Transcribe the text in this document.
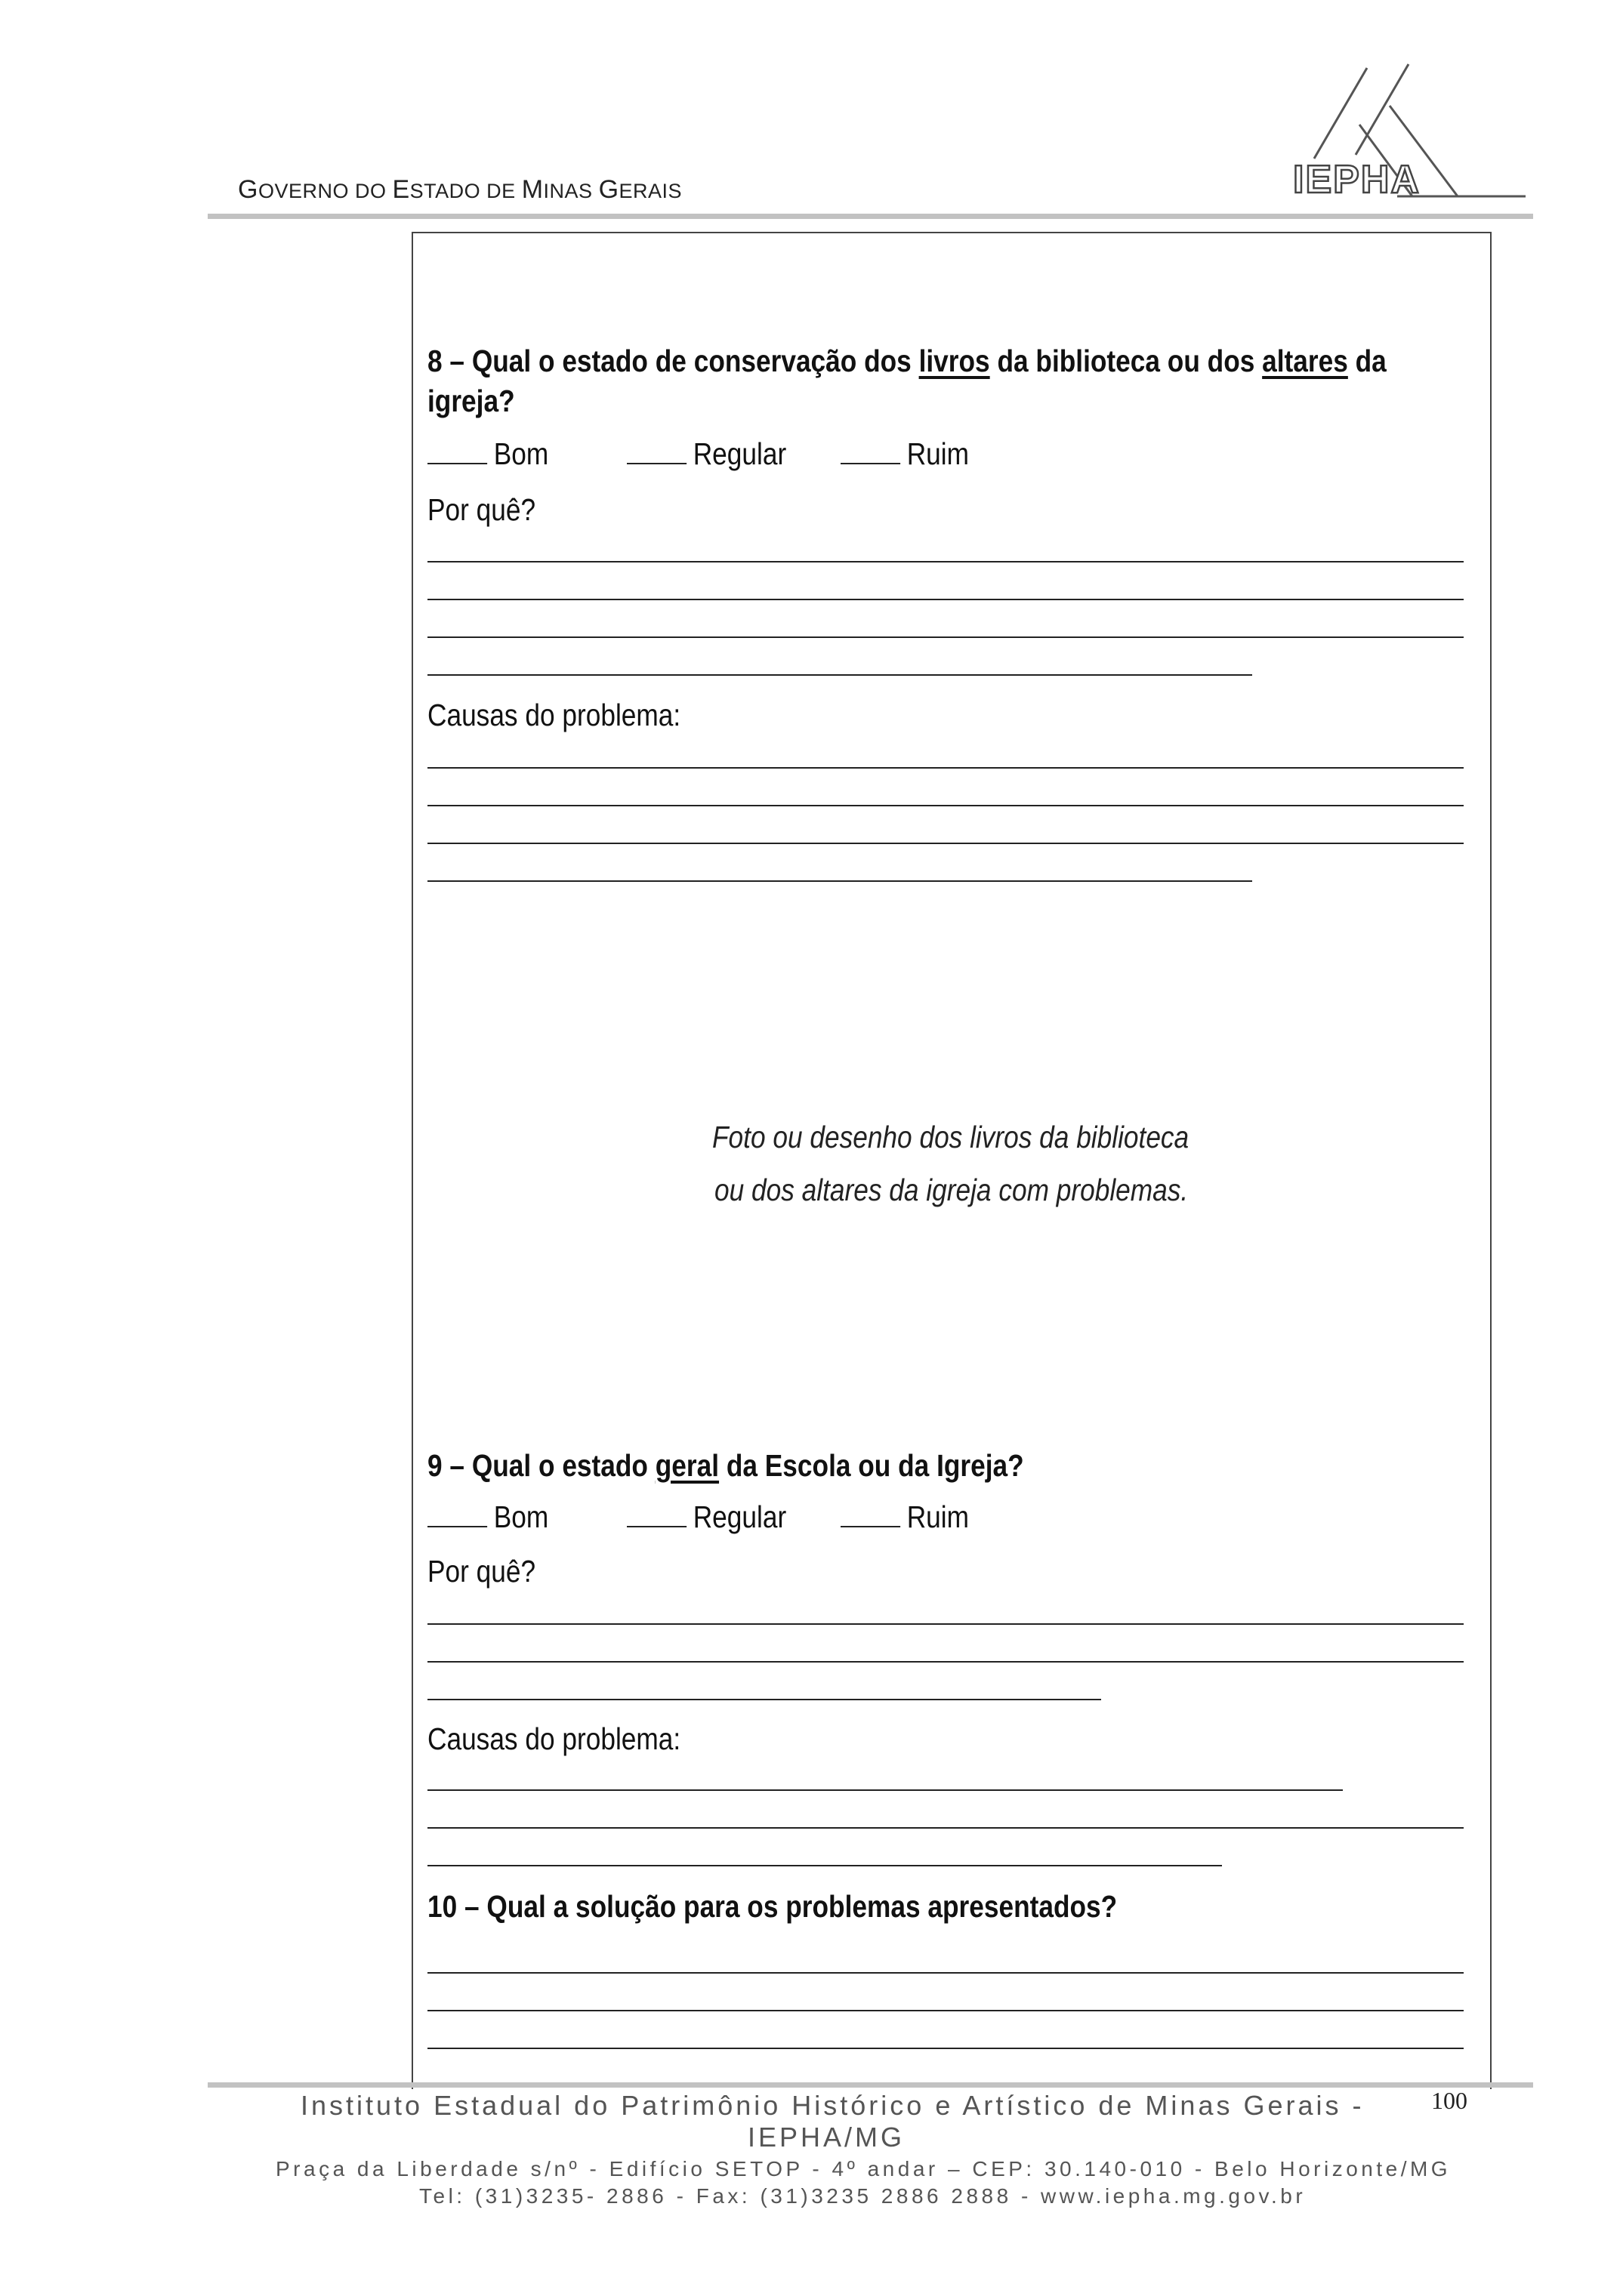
GOVERNO DO ESTADO DE MINAS GERAIS	IEPHA
8 – Qual o estado de conservação dos livros da biblioteca ou dos altares da
igreja?
Bom	Regular	Ruim
Por quê?
Causas do problema:
Foto ou desenho dos livros da biblioteca
ou dos altares da igreja com problemas.
9 – Qual o estado geral da Escola ou da Igreja?
Bom	Regular	Ruim
Por quê?
Causas do problema:
10 – Qual a solução para os problemas apresentados?
Instituto Estadual do Patrimônio Histórico e Artístico de Minas Gerais -
IEPHA/MG
Praça da Liberdade s/nº - Edifício SETOP - 4º andar – CEP: 30.140-010 - Belo Horizonte/MG
Tel: (31)3235- 2886 - Fax: (31)3235 2886 2888 - www.iepha.mg.gov.br
100
